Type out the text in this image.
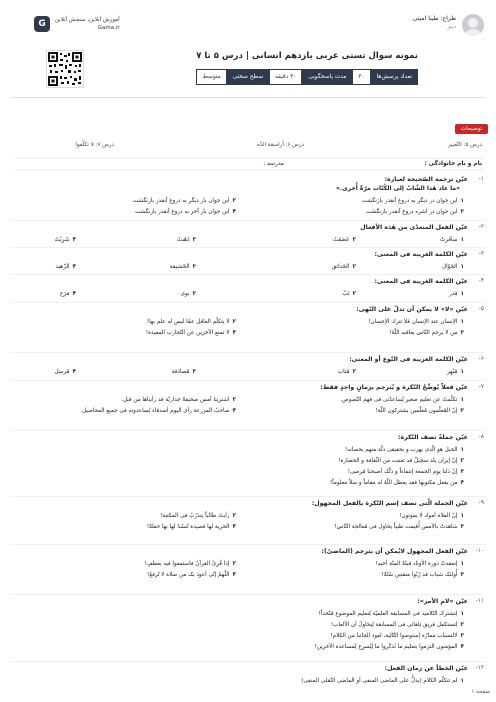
طراح: طیبا امینی
دبیر
آموزش آنلاین، سنجش آنلاین
Gama.ir
G
نمونه سوال تستی عربی یازدهم انسانی | درس ۵ تا ۷
تعداد پرسش‌ها
۳۰
مدت پاسخگویی
۳۰ دقیقه
سطح سختی
متوسط
توضیحات
درس ۵: التّغییر
درس ۶: آراسقة الدّه
درس ۷: لا تكلّفوا
نام و نام خانوادگی :
مدرسه :
۱-
عیّن ترجمة الصّحیحة لعبارة:
«ما عاد هٰذا الشّابّ إلی الکُتّاب مرّةً أُخری.»
۱
این جوان در دیگر به دروغ آنقدر بازنگشت
۲
این جوان بار دیگر به دروغ آنقدر بازنگشت
۳
این جوان در اشره دروغ آنقدر بازنگشت
۴
این جوان بار آخر به دروغ آنقدر بازنگشت
۲-
عیّن الفعل المتعدّی من هٰذه الأفعال
۱
سافَرتُ
۲
عَصَفَتْ
۳
ذَهَبتُ
۴
شَرِبْتُ
۳-
عیّن الکلمة الغریبة فی المعنی:
۱
الجَوّال
۲
الحَدائق
۳
الحَشیمَة
۴
الزّهید
۴-
عیّن الکلمة الغریبة فی المعنی:
۱
قِدر
۲
تَبْ
۳
نوی
۴
مَرَح
۵-
عیّن «لا» لا یمکن أن تدلّ علی النّهی:
۱
الإنسان عند الإنسان قلا تترك الإحسان!
۲
لا یتکلّم العاقل عمّا لیس له علم بها!
۳
من لا یرحم النّاس یعاقبه اللّهُ!
۴
لا تمنع الآخرین عن التّجارب المفیدة!
۶-
عیّن الکلمة الغریبة فی النّوع أو المعنی:
۱
مُبْهِر
۲
مُتاب
۳
مُصادَقة
۴
مُرسِل
۷-
عیّن فعلاً یُوضِّحُ النّکرة و یُترجم بزمانٍ واحدٍ فقط:
۱
تکلّمتُ عن تعلیم صغیر یُساعدُنی فی فهم النّصوص.
۲
اشترینا أمس صحیفةً جداریّة قد رأیناها من قبل.
۳
إنّ المُعلّمون مُعلّمین یشترکون اللّهَ!
۴
صاحبُ المزرعة رأی الیوم أصدقاء یُساعدونه فی جمیع المحاصیل.
۸-
عیّن جملةً تصف النّکرة:
۱
الجبل هو الّذی یهرب و بحقیقی ذلّة منهم بحصانه!
۲
إنّ إیران بلد سجیلٌ قد تعتبت من الثّقافة و الحضارة!
۳
إنّ ذلنا یوم الجمعة إنتماءاً و ذلّک أصبحنا مُرضی!
۴
من یفعل مکتوبها فقد یعطل اللّهُ له مقاماً و سلاً معلوماً!
۹-
عیّن الجملة الّتی تصف إسم النّکرة بالفعل المجهول:
۱
إنّ الفلاة أمواد لا یموتون!
۲
رأیتُ طالباً یتدرّبُ فی المکتبة!
۳
شاهدتُ بالأمس أُقیمت طبیاً یحاول فی مُعالجة النّاس!
۴
الحریة لها قصیدة تُنشَدُ لها بها حفلةً!
۱۰-
عیّن الفعل المجهول لایُمکن أن یترجم (الماضیُ):
۱
إنعقدتْ دورة الأوتاد قبلةً المنّة أخیهِ!
۲
إذا قُرِئَ القرآنُ فاستمعوا فیه بعطفٍ!
۳
أُولئک شباب قد رُبّوا منقتین سُتّةً!
۴
اللّهمّ إنّی أعوذ بک من صلاة لا تُرفعُ!
۱۱-
عیّن «لام الأمر»:
۱
لِتشترک التّلامیذ فی المسابقة العلمیّة لِتعلیم الموضوع مُتّحداً!
۲
لِتستکمل فریق تِلقائی فی المسابقة لِیحاولَ أن الألعاب!
۳
لالتسباب ممارّة إستوصوا التّالیة، لعود الجانبا من الکلام!
۴
المؤمنون التزموا بتعلیم ما ثَذکَروا ما لِیُسرِع لِمساعدة الأخرین!
۱۲-
عیّن الخطأ عن زمان الفعل:
۱
لم تتکلّم الکلام (یدلُّ علی الماضی المنفی أو الماضی النّقلی المنفی)
صفحه ۱
